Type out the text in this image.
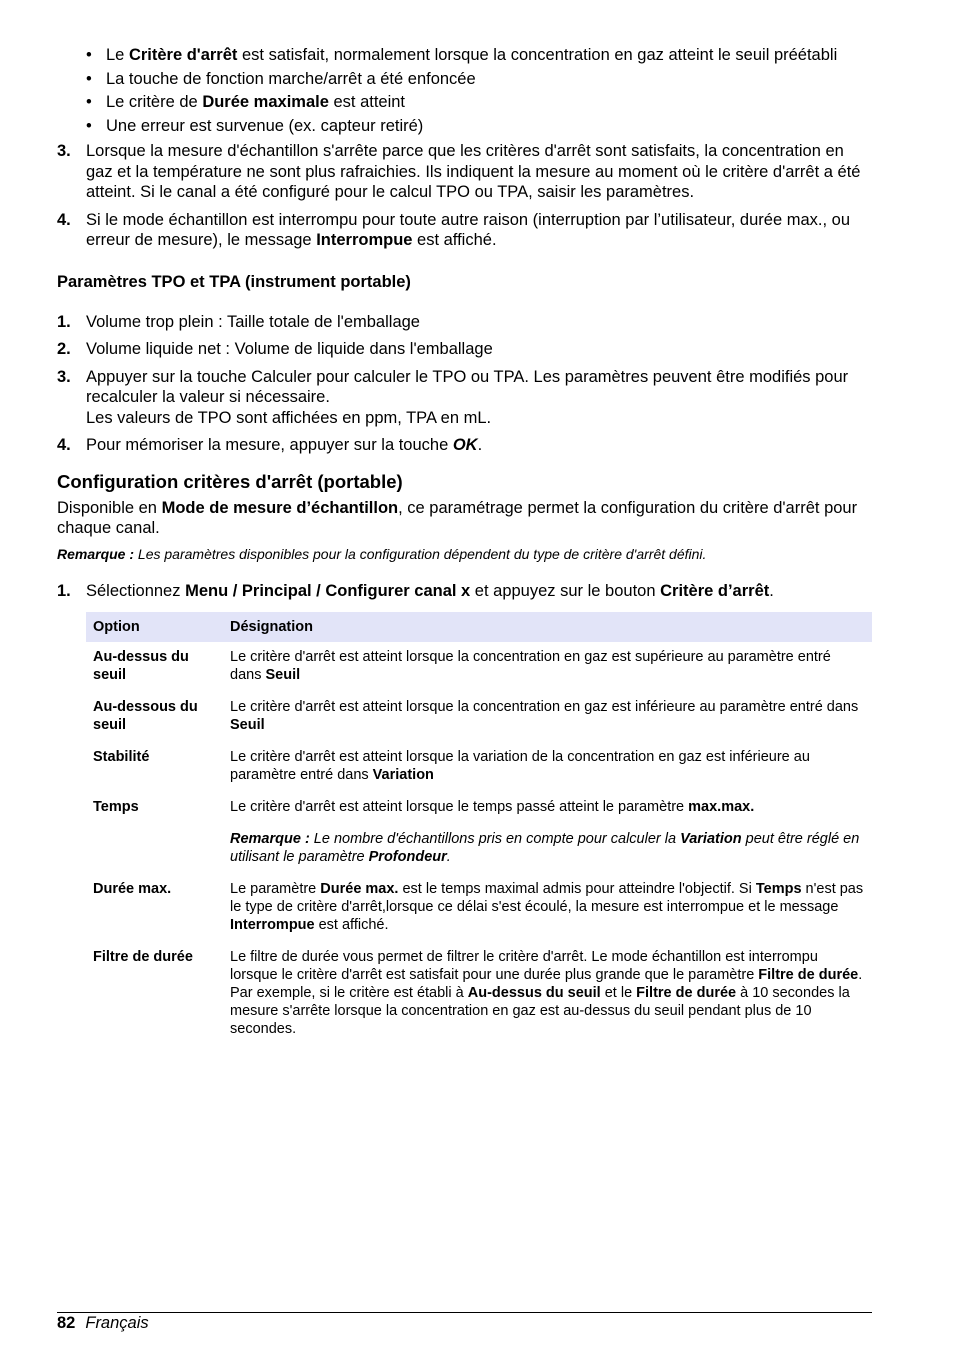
• Le Critère d'arrêt est satisfait, normalement lorsque la concentration en gaz atteint le seuil préétabli
• La touche de fonction marche/arrêt a été enfoncée
• Le critère de Durée maximale est atteint
• Une erreur est survenue (ex. capteur retiré)
3. Lorsque la mesure d'échantillon s'arrête parce que les critères d'arrêt sont satisfaits, la concentration en gaz et la température ne sont plus rafraichies. Ils indiquent la mesure au moment où le critère d'arrêt a été atteint. Si le canal a été configuré pour le calcul TPO ou TPA, saisir les paramètres.
4. Si le mode échantillon est interrompu pour toute autre raison (interruption par l’utilisateur, durée max., ou erreur de mesure), le message Interrompue est affiché.
Paramètres TPO et TPA (instrument portable)
1. Volume trop plein : Taille totale de l'emballage
2. Volume liquide net : Volume de liquide dans l'emballage
3. Appuyer sur la touche Calculer pour calculer le TPO ou TPA. Les paramètres peuvent être modifiés pour recalculer la valeur si nécessaire.
Les valeurs de TPO sont affichées en ppm, TPA en mL.
4. Pour mémoriser la mesure, appuyer sur la touche OK.
Configuration critères d'arrêt (portable)

Disponible en Mode de mesure d’échantillon, ce paramétrage permet la configuration du critère d'arrêt pour chaque canal.

Remarque : Les paramètres disponibles pour la configuration dépendent du type de critère d'arrêt défini.

1. Sélectionnez Menu / Principal / Configurer canal x et appuyez sur le bouton Critère d’arrêt.
Option	Désignation
Au-dessus du seuil	Le critère d'arrêt est atteint lorsque la concentration en gaz est supérieure au paramètre entré dans Seuil
Au-dessous du seuil	Le critère d'arrêt est atteint lorsque la concentration en gaz est inférieure au paramètre entré dans Seuil
Stabilité	Le critère d'arrêt est atteint lorsque la variation de la concentration en gaz est inférieure au paramètre entré dans Variation
Temps	Le critère d'arrêt est atteint lorsque le temps passé atteint le paramètre max.max.
Remarque : Le nombre d'échantillons pris en compte pour calculer la Variation peut être réglé en utilisant le paramètre Profondeur.

Durée max.	Le paramètre Durée max. est le temps maximal admis pour atteindre l'objectif. Si Temps n'est pas le type de critère d'arrêt,lorsque ce délai s'est écoulé, la mesure est interrompue et le message Interrompue est affiché.
Filtre de durée	Le filtre de durée vous permet de filtrer le critère d'arrêt. Le mode échantillon est interrompu lorsque le critère d'arrêt est satisfait pour une durée plus grande que le paramètre Filtre de durée.
Par exemple, si le critère est établi à Au-dessus du seuil et le Filtre de durée à 10 secondes la mesure s'arrête lorsque la concentration en gaz est au-dessus du seuil pendant plus de 10 secondes.
82 Français
